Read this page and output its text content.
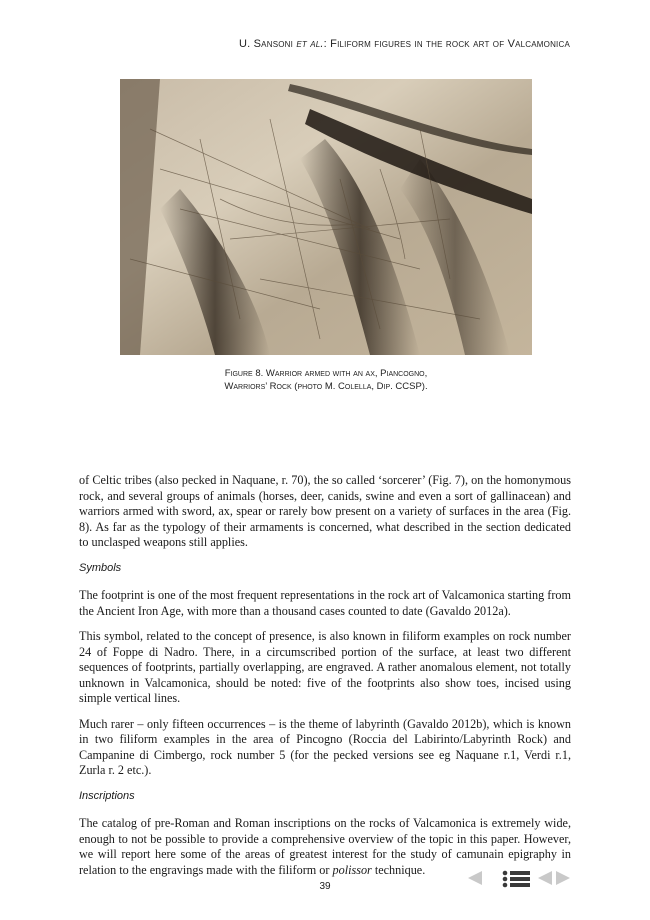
U. Sansoni et al.: Filiform figures in the rock art of Valcamonica
Figure 8. Warrior armed with an ax, Piancogno,
Warriors’ Rock (photo M. Colella, Dip. CCSP).

of Celtic tribes (also pecked in Naquane, r. 70), the so called ‘sorcerer’ (Fig. 7), on the homonymous rock, and several groups of animals (horses, deer, canids, swine and even a sort of gallinacean) and warriors armed with sword, ax, spear or rarely bow present on a variety of surfaces in the area (Fig. 8). As far as the typology of their armaments is concerned, what described in the section dedicated to unclasped weapons still applies.

Symbols

The footprint is one of the most frequent representations in the rock art of Valcamonica starting from the Ancient Iron Age, with more than a thousand cases counted to date (Gavaldo 2012a).

This symbol, related to the concept of presence, is also known in filiform examples on rock number 24 of Foppe di Nadro. There, in a circumscribed portion of the surface, at least two different sequences of footprints, partially overlapping, are engraved. A rather anomalous element, not totally unknown in Valcamonica, should be noted: five of the footprints also show toes, incised using simple vertical lines.

Much rarer – only fifteen occurrences – is the theme of labyrinth (Gavaldo 2012b), which is known in two filiform examples in the area of Pincogno (Roccia del Labirinto/Labyrinth Rock) and Campanine di Cimbergo, rock number 5 (for the pecked versions see eg Naquane r.1, Verdi r.1, Zurla r. 2 etc.).

Inscriptions

The catalog of pre-Roman and Roman inscriptions on the rocks of Valcamonica is extremely wide, enough to not be possible to provide a comprehensive overview of the topic in this paper. However, we will report here some of the areas of greatest interest for the study of camunain epigraphy in relation to the engravings made with the filiform or polissor technique.

39
